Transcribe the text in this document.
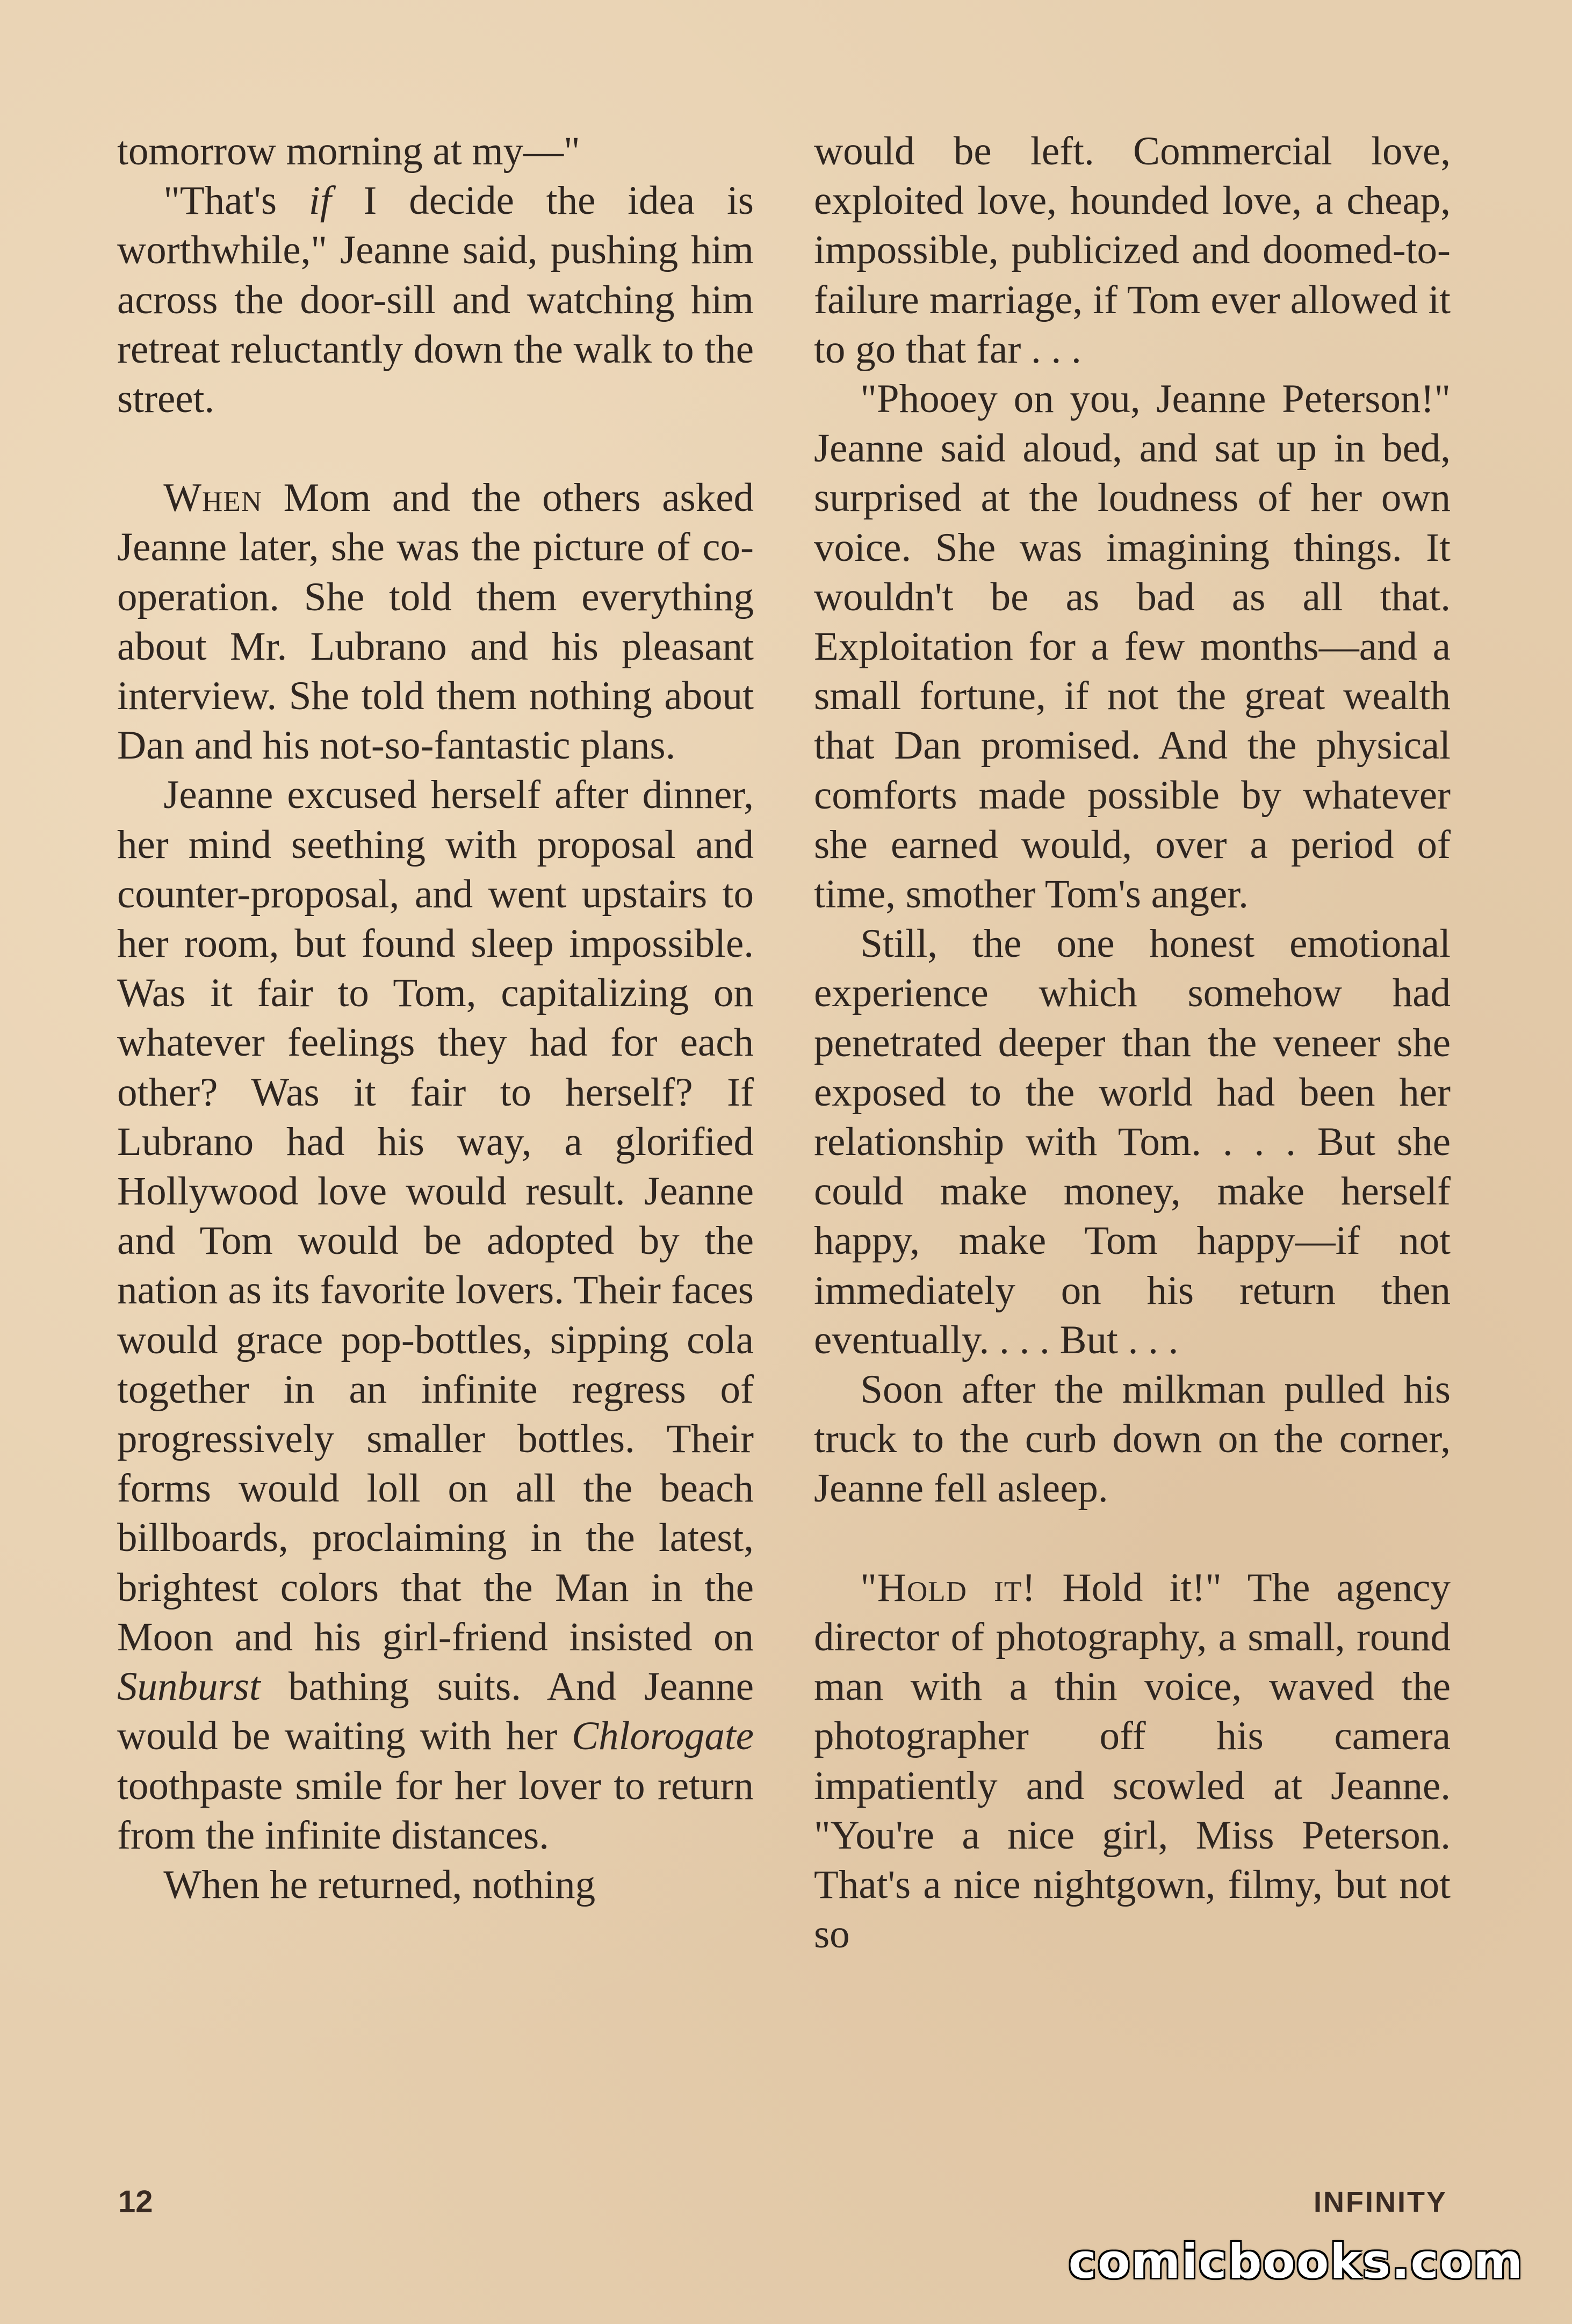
tomorrow morning at my—"

"That's if I decide the idea is worthwhile," Jeanne said, pushing him across the door-sill and watching him retreat reluctantly down the walk to the street.

When Mom and the others asked Jeanne later, she was the picture of co-operation. She told them everything about Mr. Lubrano and his pleasant interview. She told them nothing about Dan and his not-so-fantastic plans.

Jeanne excused herself after dinner, her mind seething with proposal and counter-proposal, and went upstairs to her room, but found sleep impossible. Was it fair to Tom, capitalizing on whatever feelings they had for each other? Was it fair to herself? If Lubrano had his way, a glorified Hollywood love would result. Jeanne and Tom would be adopted by the nation as its favorite lovers. Their faces would grace pop-bottles, sipping cola together in an infinite regress of progressively smaller bottles. Their forms would loll on all the beach billboards, proclaiming in the latest, brightest colors that the Man in the Moon and his girl-friend insisted on Sunburst bathing suits. And Jeanne would be waiting with her Chlorogate toothpaste smile for her lover to return from the infinite distances.

When he returned, nothing

would be left. Commercial love, exploited love, hounded love, a cheap, impossible, publicized and doomed-to-failure marriage, if Tom ever allowed it to go that far . . .

"Phooey on you, Jeanne Peterson!" Jeanne said aloud, and sat up in bed, surprised at the loudness of her own voice. She was imagining things. It wouldn't be as bad as all that. Exploitation for a few months—and a small fortune, if not the great wealth that Dan promised. And the physical comforts made possible by whatever she earned would, over a period of time, smother Tom's anger.

Still, the one honest emotional experience which somehow had penetrated deeper than the veneer she exposed to the world had been her relationship with Tom. . . . But she could make money, make herself happy, make Tom happy—if not immediately on his return then eventually. . . . But . . .

Soon after the milkman pulled his truck to the curb down on the corner, Jeanne fell asleep.

"Hold it! Hold it!" The agency director of photography, a small, round man with a thin voice, waved the photographer off his camera impatiently and scowled at Jeanne. "You're a nice girl, Miss Peterson. That's a nice nightgown, filmy, but not so

12	INFINITY
comicbooks.com
